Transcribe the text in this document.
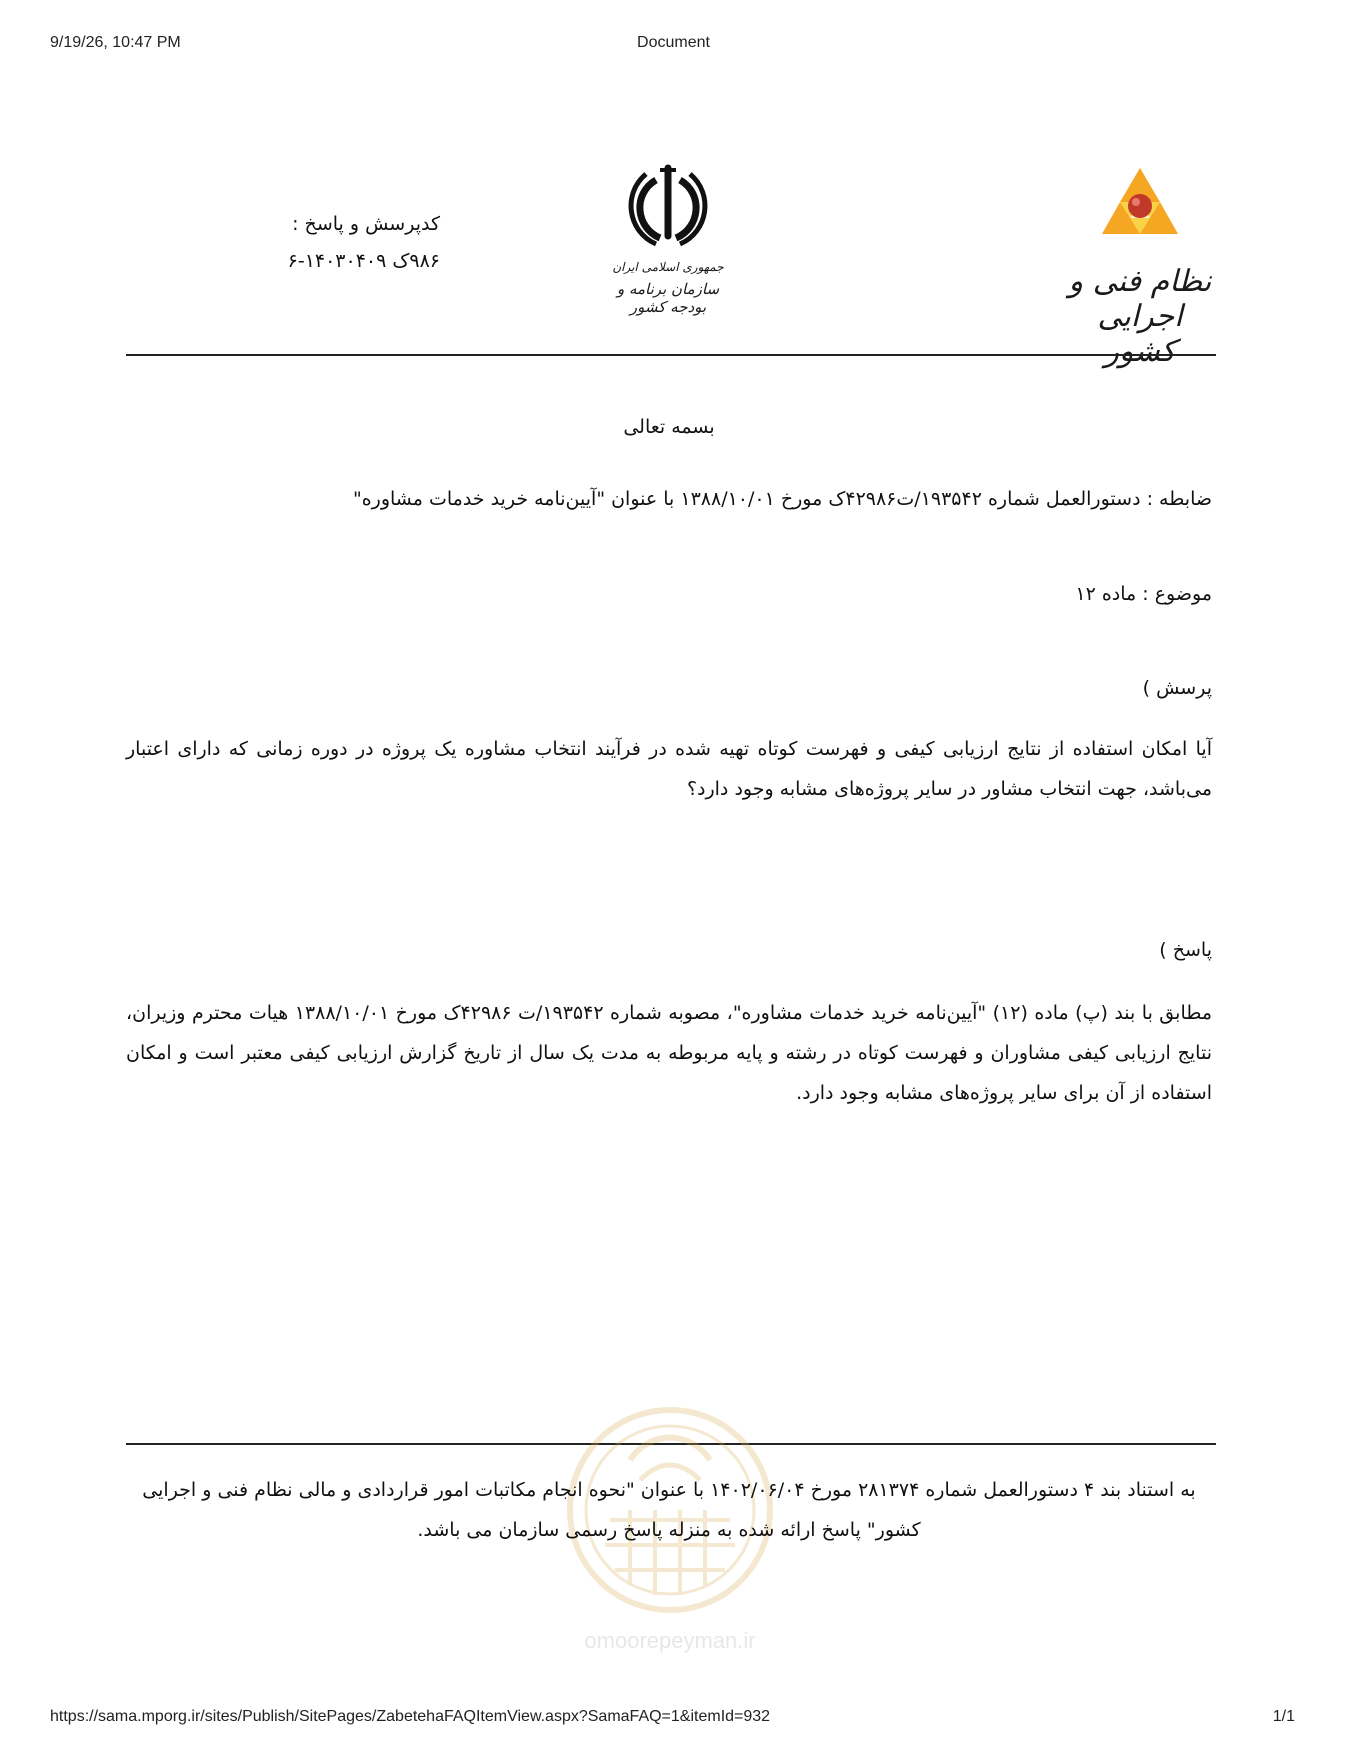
9/19/26, 10:47 PM	Document
نظام فنی و اجرایی کشور
جمهوری اسلامی ایران
سازمان برنامه و بودجه کشور
کدپرسش و پاسخ :
۹۸۶ک ۱۴۰۳۰۴۰۹-۶
بسمه تعالی
ضابطه : دستورالعمل شماره ۱۹۳۵۴۲/ت۴۲۹۸۶ک مورخ ۱۳۸۸/۱۰/۰۱ با عنوان "آیین‌نامه خرید خدمات مشاوره"
موضوع : ماده ۱۲
پرسش )
آیا امکان استفاده از نتایج ارزیابی کیفی و فهرست کوتاه تهیه شده در فرآیند انتخاب مشاوره یک پروژه در دوره زمانی که دارای اعتبار می‌باشد، جهت انتخاب مشاور در سایر پروژه‌های مشابه وجود دارد؟
پاسخ )
مطابق با بند (پ) ماده (۱۲) "آیین‌نامه خرید خدمات مشاوره"، مصوبه شماره ۱۹۳۵۴۲/ت ۴۲۹۸۶ک مورخ ۱۳۸۸/۱۰/۰۱ هیات محترم وزیران، نتایج ارزیابی کیفی مشاوران و فهرست کوتاه در رشته و پایه مربوطه به مدت یک سال از تاریخ گزارش ارزیابی کیفی معتبر است و امکان استفاده از آن برای سایر پروژه‌های مشابه وجود دارد.
omoorepeyman.ir
به استناد بند ۴ دستورالعمل شماره ۲۸۱۳۷۴ مورخ ۱۴۰۲/۰۶/۰۴ با عنوان "نحوه انجام مکاتبات امور قراردادی و مالی نظام فنی و اجرایی کشور" پاسخ ارائه شده به منزله پاسخ رسمی سازمان می باشد.
https://sama.mporg.ir/sites/Publish/SitePages/ZabetehaFAQItemView.aspx?SamaFAQ=1&itemId=932	1/1
